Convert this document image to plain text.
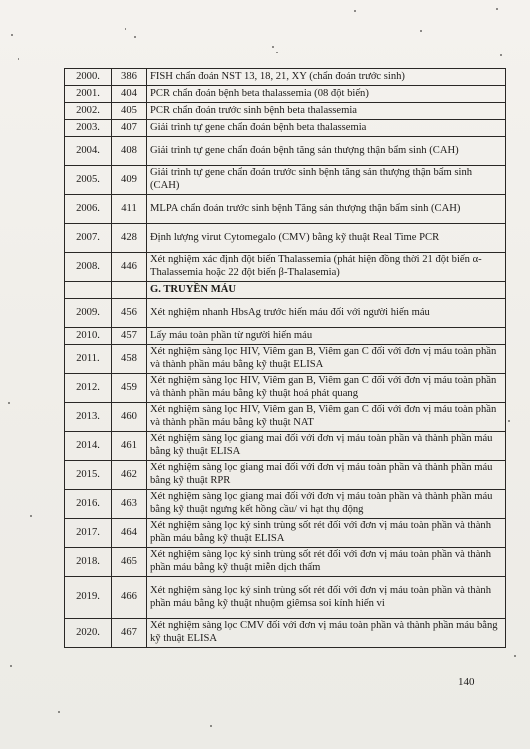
2000.	386	FISH chẩn đoán NST 13, 18, 21, XY (chẩn đoán trước sinh)
2001.	404	PCR chẩn đoán bệnh beta thalassemia (08 đột biến)
2002.	405	PCR chẩn đoán trước sinh bệnh beta thalassemia
2003.	407	Giải trình tự gene chẩn đoán bệnh beta thalassemia
2004.	408	Giải trình tự gene chẩn đoán bệnh tăng sản thượng thận bẩm sinh (CAH)
2005.	409	Giải trình tự gene chẩn đoán trước sinh bệnh tăng sản thượng thận bẩm sinh (CAH)
2006.	411	MLPA chẩn đoán trước sinh bệnh Tăng sản thượng thận bẩm sinh (CAH)
2007.	428	Định lượng virut Cytomegalo (CMV) bằng kỹ thuật Real Time PCR
2008.	446	Xét nghiệm xác định đột biến Thalassemia (phát hiện đồng thời 21 đột biến α-Thalassemia hoặc 22 đột biến β-Thalasemia)
		G. TRUYỀN MÁU
2009.	456	Xét nghiệm nhanh HbsAg trước hiến máu đối với người hiến máu
2010.	457	Lấy máu toàn phần từ người hiến máu
2011.	458	Xét nghiệm sàng lọc HIV, Viêm gan B, Viêm gan C đối với đơn vị máu toàn phần và thành phần máu bằng kỹ thuật ELISA
2012.	459	Xét nghiệm sàng lọc HIV, Viêm gan B, Viêm gan C đối với đơn vị máu toàn phần và thành phần máu bằng kỹ thuật hoá phát quang
2013.	460	Xét nghiệm sàng lọc HIV, Viêm gan B, Viêm gan C đối với đơn vị máu toàn phần và thành phần máu bằng kỹ thuật NAT
2014.	461	Xét nghiệm sàng lọc giang mai đối với đơn vị máu toàn phần và thành phần máu bằng kỹ thuật ELISA
2015.	462	Xét nghiệm sàng lọc giang mai đối với đơn vị máu toàn phần và thành phần máu bằng kỹ thuật RPR
2016.	463	Xét nghiệm sàng lọc giang mai đối với đơn vị máu toàn phần và thành phần máu bằng kỹ thuật ngưng kết hồng cầu/ vi hạt thụ động
2017.	464	Xét nghiệm sàng lọc ký sinh trùng sốt rét đối với đơn vị máu toàn phần và thành phần máu bằng kỹ thuật ELISA
2018.	465	Xét nghiệm sàng lọc ký sinh trùng sốt rét đối với đơn vị máu toàn phần và thành phần máu bằng kỹ thuật miễn dịch thấm
2019.	466	Xét nghiệm sàng lọc ký sinh trùng sốt rét đối với đơn vị máu toàn phần và thành phần máu bằng kỹ thuật nhuộm giêmsa soi kính hiển vi
2020.	467	Xét nghiệm sàng lọc CMV đối với đơn vị máu toàn phần và thành phần máu bằng kỹ thuật ELISA
140
